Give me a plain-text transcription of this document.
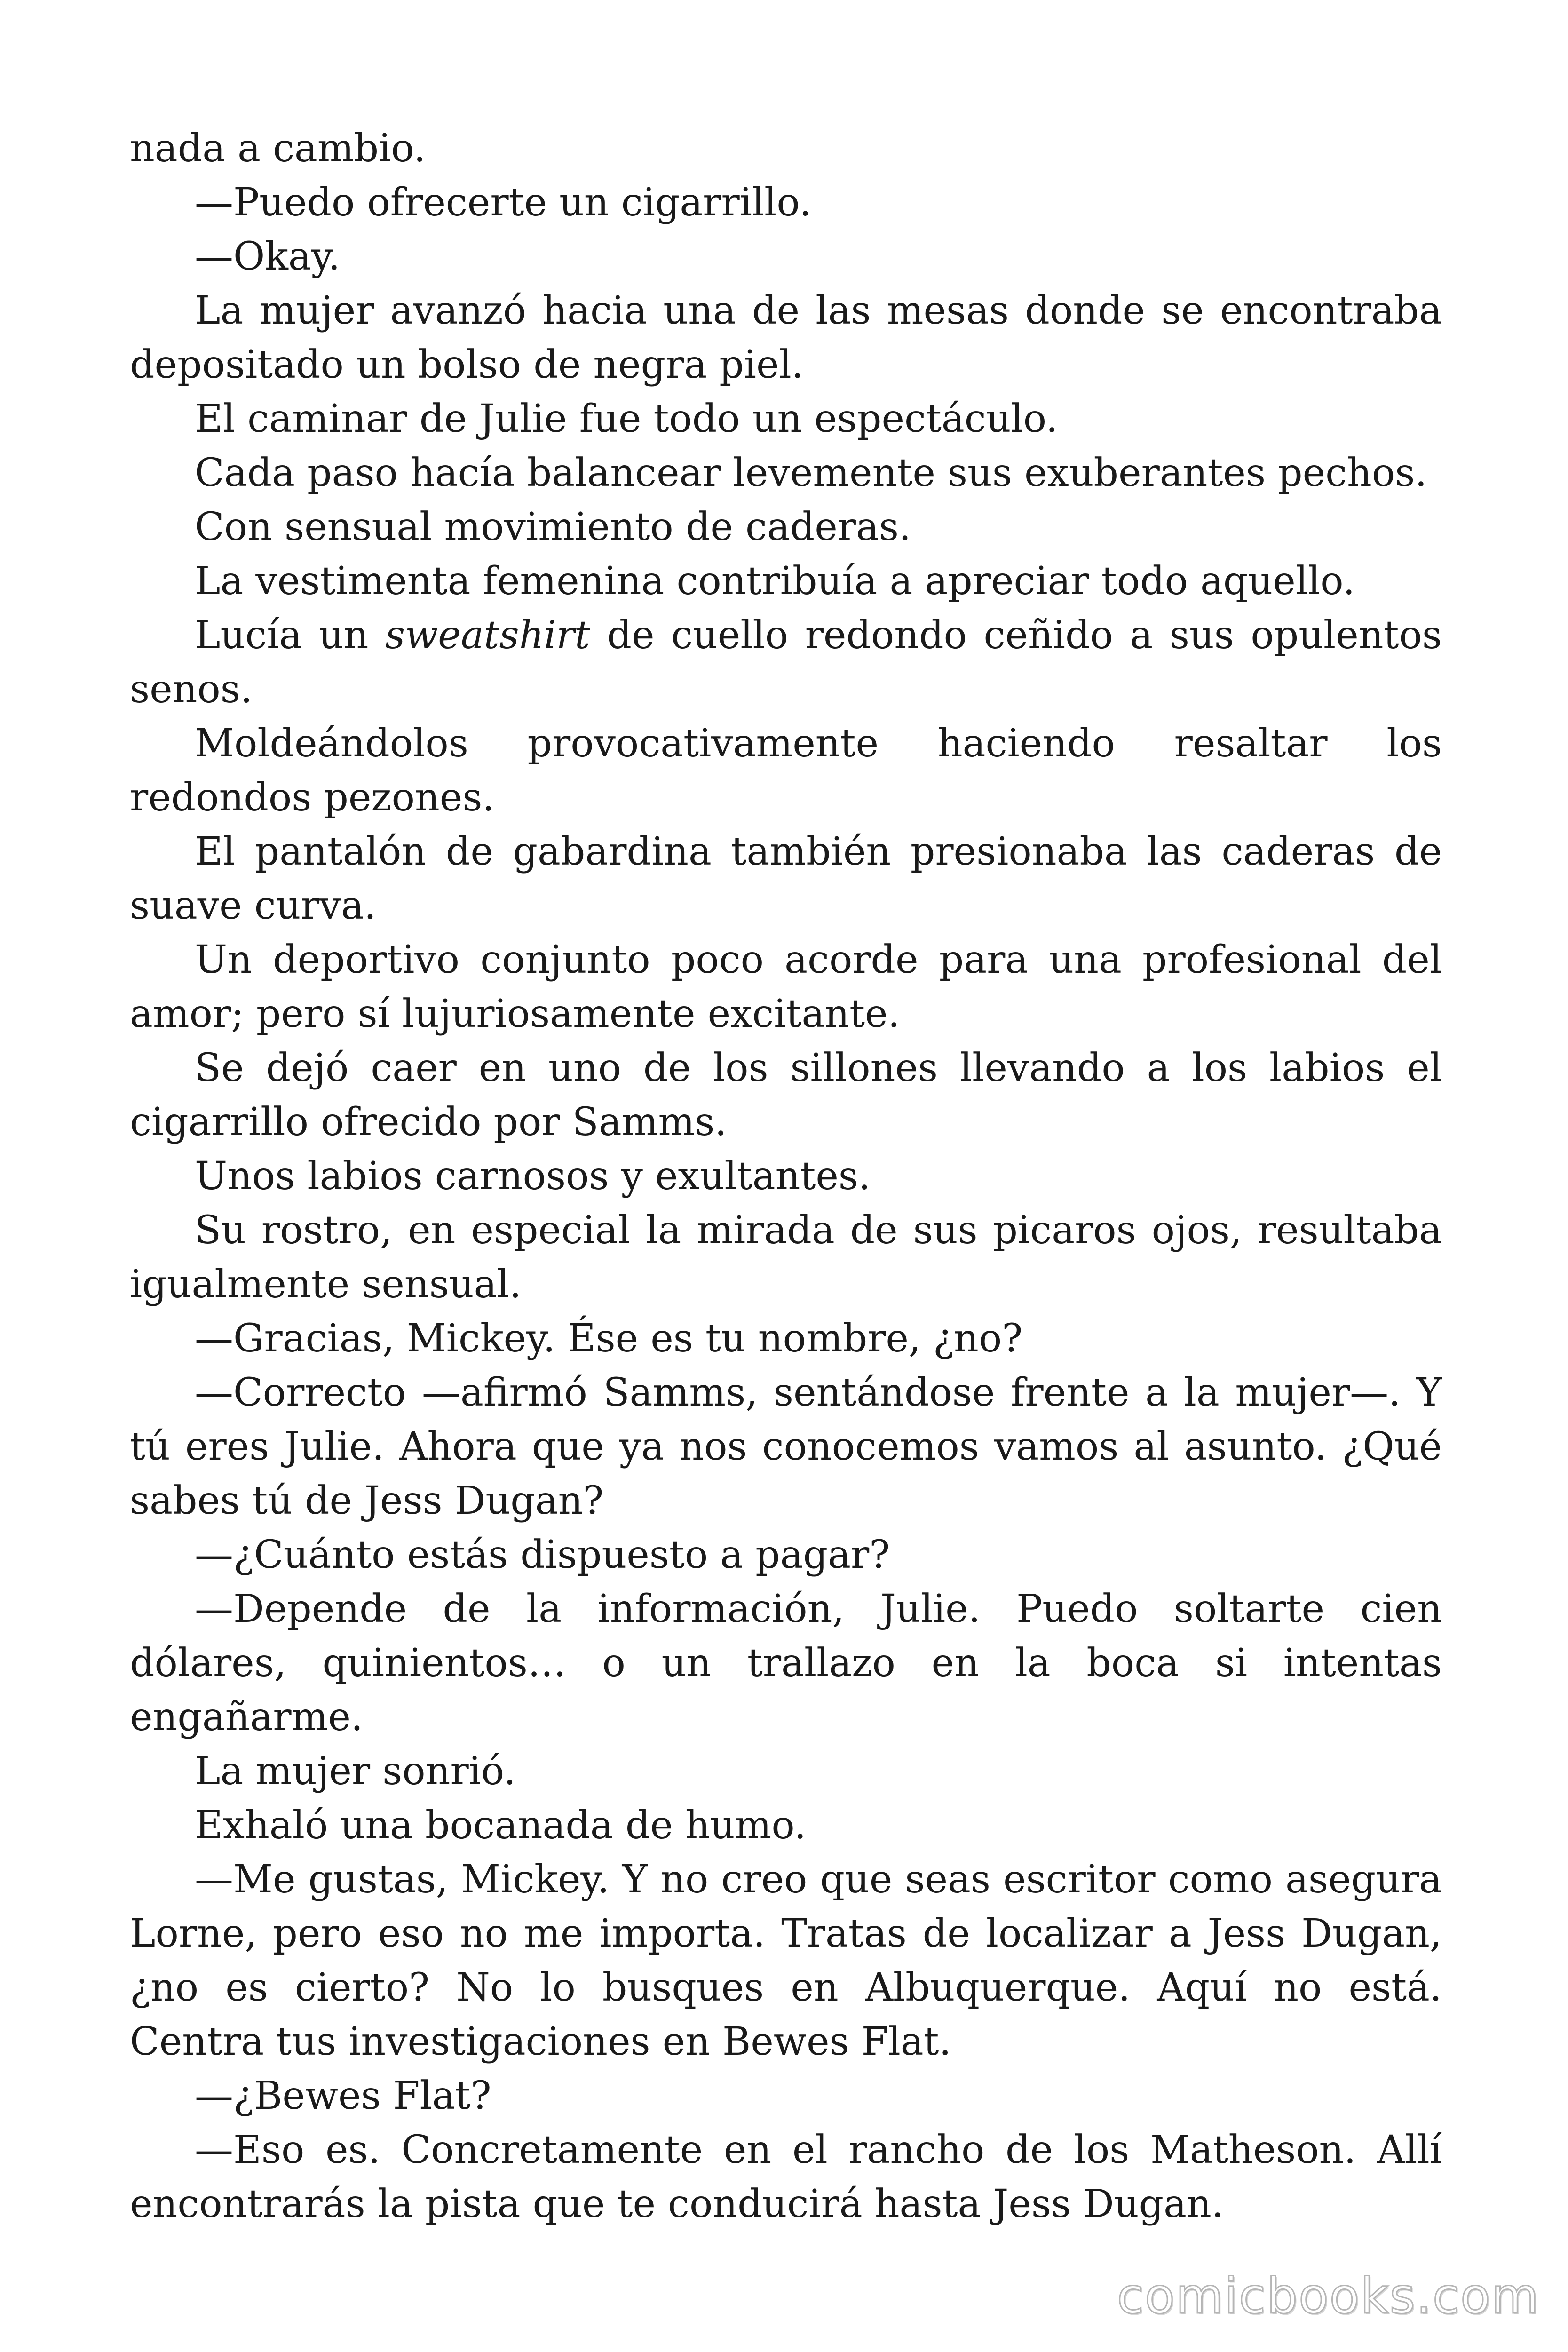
nada a cambio.

—Puedo ofrecerte un cigarrillo.

—Okay.

La mujer avanzó hacia una de las mesas donde se encontraba depositado un bolso de negra piel.

El caminar de Julie fue todo un espectáculo.

Cada paso hacía balancear levemente sus exuberantes pechos.

Con sensual movimiento de caderas.

La vestimenta femenina contribuía a apreciar todo aquello.

Lucía un sweatshirt de cuello redondo ceñido a sus opulentos senos.

Moldeándolos provocativamente haciendo resaltar los redondos pezones.

El pantalón de gabardina también presionaba las caderas de suave curva.

Un deportivo conjunto poco acorde para una profesional del amor; pero sí lujuriosamente excitante.

Se dejó caer en uno de los sillones llevando a los labios el cigarrillo ofrecido por Samms.

Unos labios carnosos y exultantes.

Su rostro, en especial la mirada de sus picaros ojos, resultaba igualmente sensual.

—Gracias, Mickey. Ése es tu nombre, ¿no?

—Correcto —afirmó Samms, sentándose frente a la mujer—. Y tú eres Julie. Ahora que ya nos conocemos vamos al asunto. ¿Qué sabes tú de Jess Dugan?

—¿Cuánto estás dispuesto a pagar?

—Depende de la información, Julie. Puedo soltarte cien dólares, quinientos… o un trallazo en la boca si intentas engañarme.

La mujer sonrió.

Exhaló una bocanada de humo.

—Me gustas, Mickey. Y no creo que seas escritor como asegura Lorne, pero eso no me importa. Tratas de localizar a Jess Dugan, ¿no es cierto? No lo busques en Albuquerque. Aquí no está. Centra tus investigaciones en Bewes Flat.

—¿Bewes Flat?

—Eso es. Concretamente en el rancho de los Matheson. Allí encontrarás la pista que te conducirá hasta Jess Dugan.

comicbooks.com
